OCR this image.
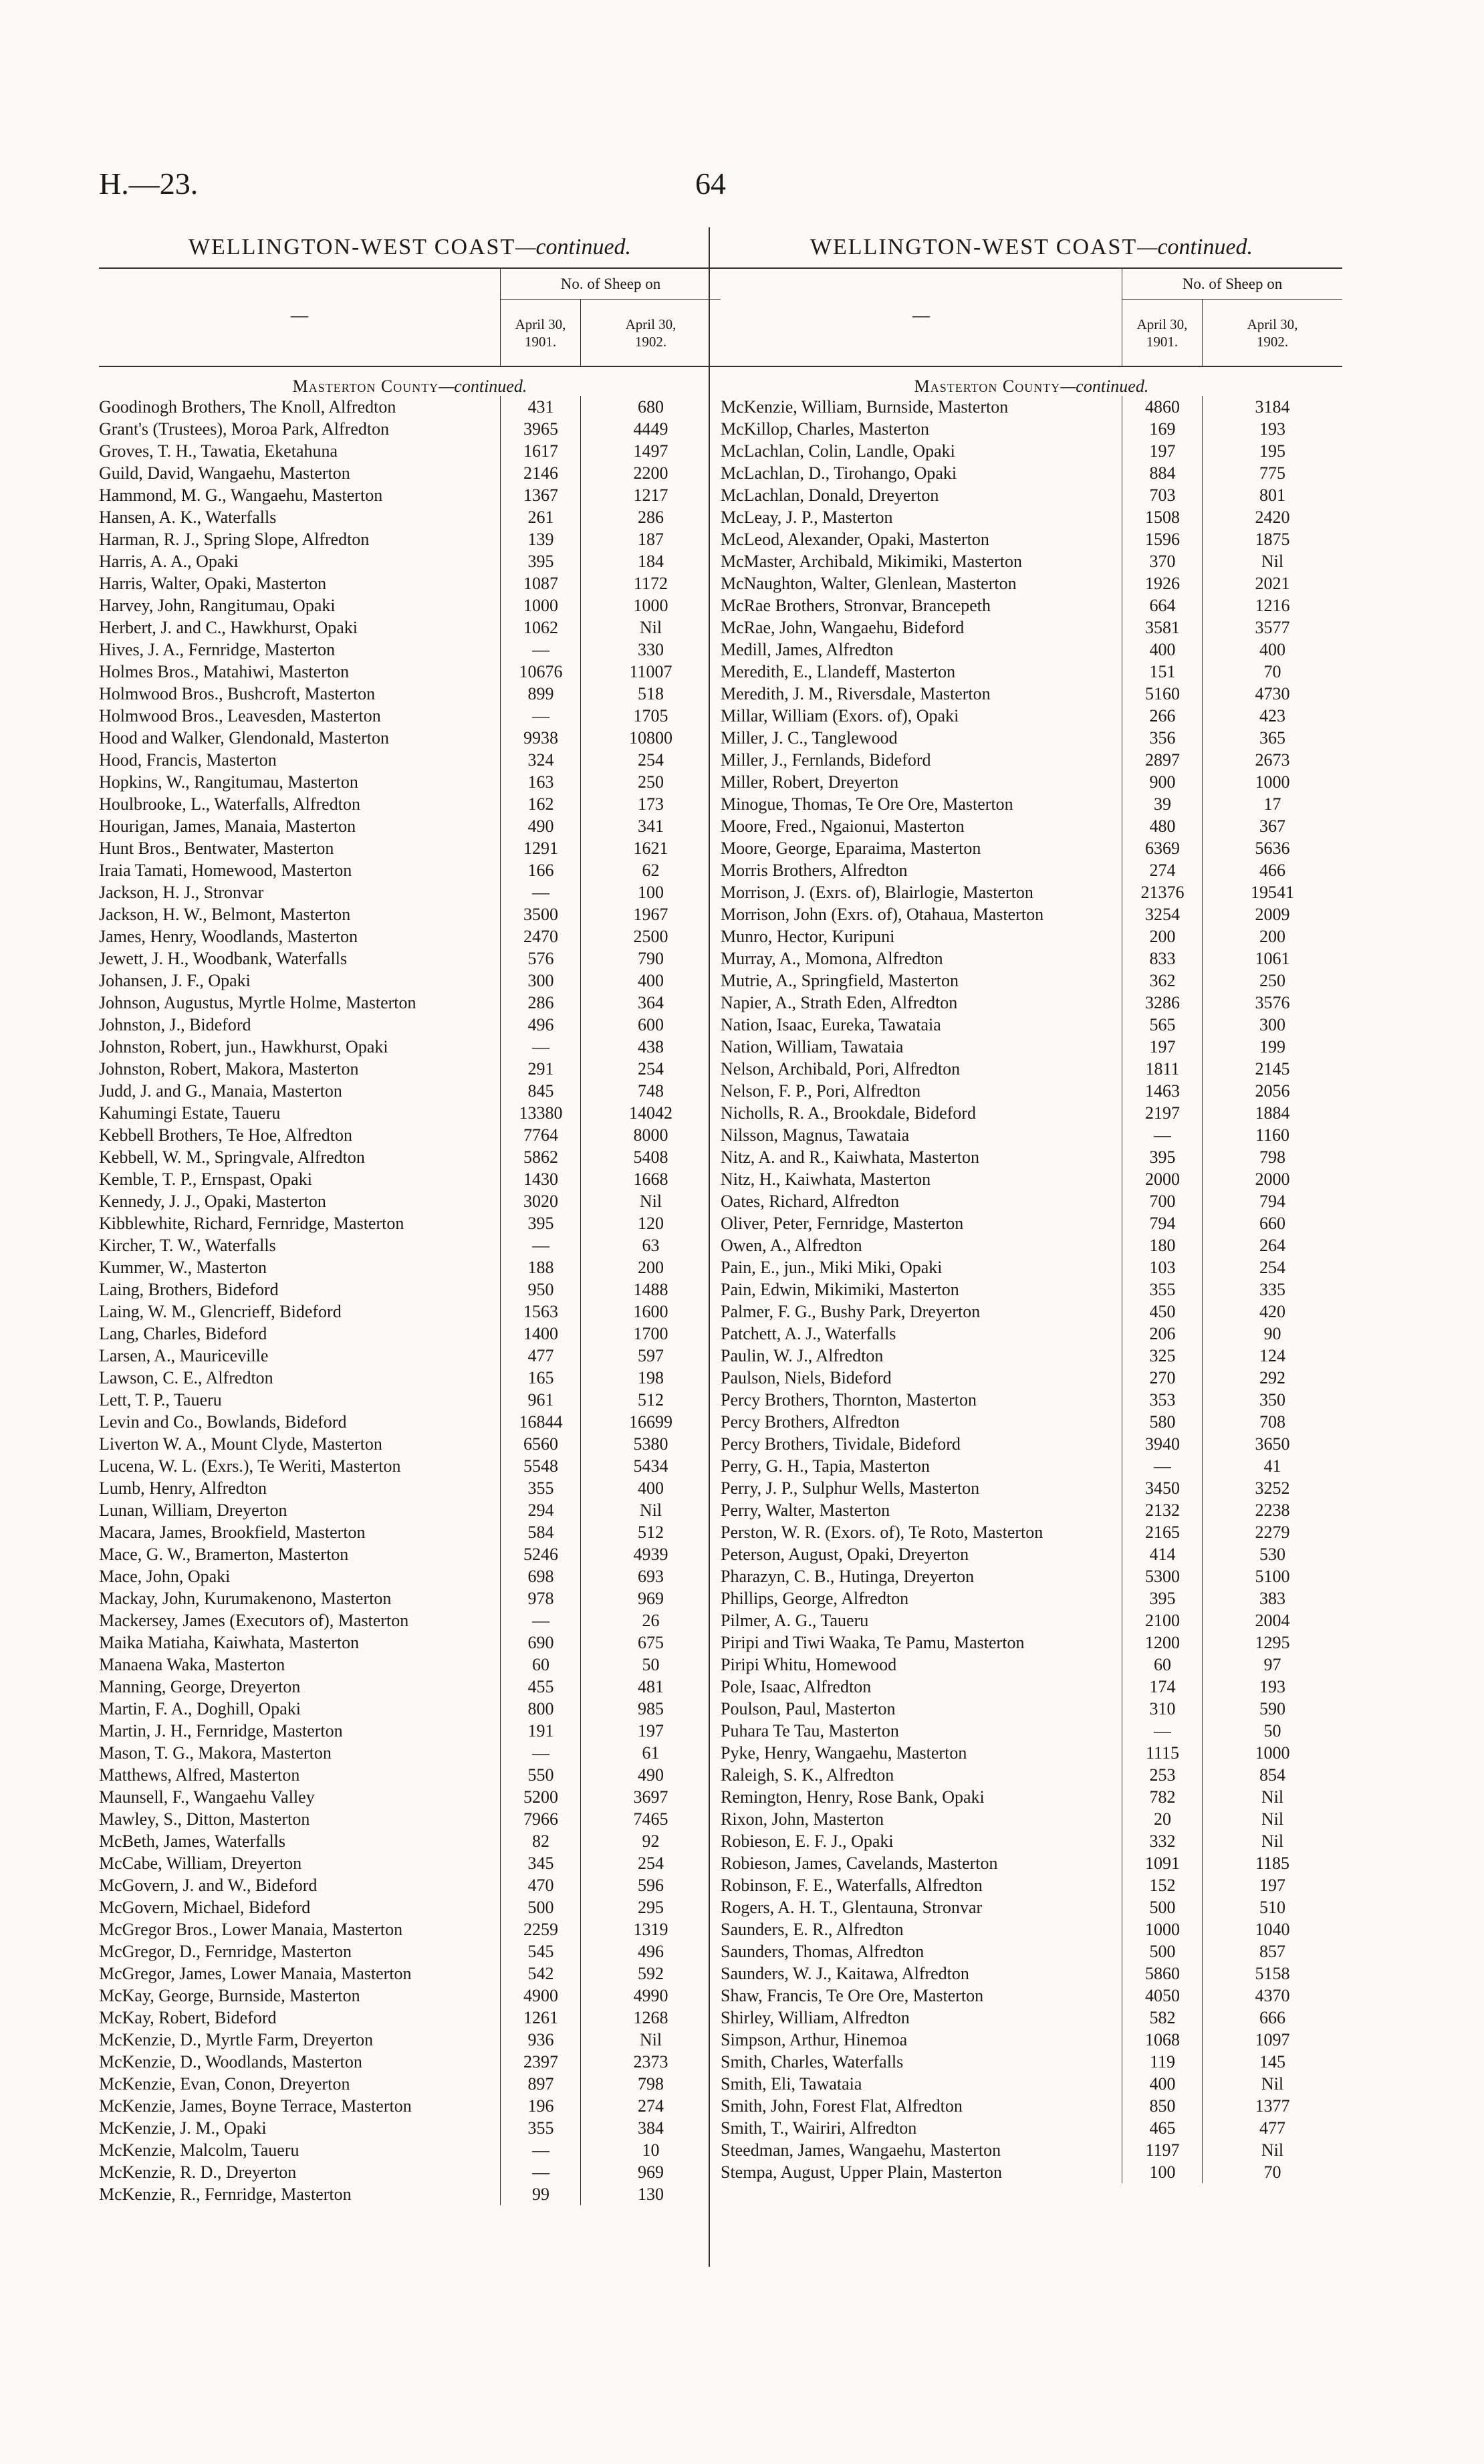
H.—23.	64
WELLINGTON-WEST COAST—continued.
—
No. of Sheep on
April 30,
1901.
April 30,
1902.
Masterton County—continued.
Goodinogh Brothers, The Knoll, Alfredton	431	680
Grant's (Trustees), Moroa Park, Alfredton	3965	4449
Groves, T. H., Tawatia, Eketahuna	1617	1497
Guild, David, Wangaehu, Masterton	2146	2200
Hammond, M. G., Wangaehu, Masterton	1367	1217
Hansen, A. K., Waterfalls	261	286
Harman, R. J., Spring Slope, Alfredton	139	187
Harris, A. A., Opaki	395	184
Harris, Walter, Opaki, Masterton	1087	1172
Harvey, John, Rangitumau, Opaki	1000	1000
Herbert, J. and C., Hawkhurst, Opaki	1062	Nil
Hives, J. A., Fernridge, Masterton	—	330
Holmes Bros., Matahiwi, Masterton	10676	11007
Holmwood Bros., Bushcroft, Masterton	899	518
Holmwood Bros., Leavesden, Masterton	—	1705
Hood and Walker, Glendonald, Masterton	9938	10800
Hood, Francis, Masterton	324	254
Hopkins, W., Rangitumau, Masterton	163	250
Houlbrooke, L., Waterfalls, Alfredton	162	173
Hourigan, James, Manaia, Masterton	490	341
Hunt Bros., Bentwater, Masterton	1291	1621
Iraia Tamati, Homewood, Masterton	166	62
Jackson, H. J., Stronvar	—	100
Jackson, H. W., Belmont, Masterton	3500	1967
James, Henry, Woodlands, Masterton	2470	2500
Jewett, J. H., Woodbank, Waterfalls	576	790
Johansen, J. F., Opaki	300	400
Johnson, Augustus, Myrtle Holme, Masterton	286	364
Johnston, J., Bideford	496	600
Johnston, Robert, jun., Hawkhurst, Opaki	—	438
Johnston, Robert, Makora, Masterton	291	254
Judd, J. and G., Manaia, Masterton	845	748
Kahumingi Estate, Taueru	13380	14042
Kebbell Brothers, Te Hoe, Alfredton	7764	8000
Kebbell, W. M., Springvale, Alfredton	5862	5408
Kemble, T. P., Ernspast, Opaki	1430	1668
Kennedy, J. J., Opaki, Masterton	3020	Nil
Kibblewhite, Richard, Fernridge, Masterton	395	120
Kircher, T. W., Waterfalls	—	63
Kummer, W., Masterton	188	200
Laing, Brothers, Bideford	950	1488
Laing, W. M., Glencrieff, Bideford	1563	1600
Lang, Charles, Bideford	1400	1700
Larsen, A., Mauriceville	477	597
Lawson, C. E., Alfredton	165	198
Lett, T. P., Taueru	961	512
Levin and Co., Bowlands, Bideford	16844	16699
Liverton W. A., Mount Clyde, Masterton	6560	5380
Lucena, W. L. (Exrs.), Te Weriti, Masterton	5548	5434
Lumb, Henry, Alfredton	355	400
Lunan, William, Dreyerton	294	Nil
Macara, James, Brookfield, Masterton	584	512
Mace, G. W., Bramerton, Masterton	5246	4939
Mace, John, Opaki	698	693
Mackay, John, Kurumakenono, Masterton	978	969
Mackersey, James (Executors of), Masterton	—	26
Maika Matiaha, Kaiwhata, Masterton	690	675
Manaena Waka, Masterton	60	50
Manning, George, Dreyerton	455	481
Martin, F. A., Doghill, Opaki	800	985
Martin, J. H., Fernridge, Masterton	191	197
Mason, T. G., Makora, Masterton	—	61
Matthews, Alfred, Masterton	550	490
Maunsell, F., Wangaehu Valley	5200	3697
Mawley, S., Ditton, Masterton	7966	7465
McBeth, James, Waterfalls	82	92
McCabe, William, Dreyerton	345	254
McGovern, J. and W., Bideford	470	596
McGovern, Michael, Bideford	500	295
McGregor Bros., Lower Manaia, Masterton	2259	1319
McGregor, D., Fernridge, Masterton	545	496
McGregor, James, Lower Manaia, Masterton	542	592
McKay, George, Burnside, Masterton	4900	4990
McKay, Robert, Bideford	1261	1268
McKenzie, D., Myrtle Farm, Dreyerton	936	Nil
McKenzie, D., Woodlands, Masterton	2397	2373
McKenzie, Evan, Conon, Dreyerton	897	798
McKenzie, James, Boyne Terrace, Masterton	196	274
McKenzie, J. M., Opaki	355	384
McKenzie, Malcolm, Taueru	—	10
McKenzie, R. D., Dreyerton	—	969
McKenzie, R., Fernridge, Masterton	99	130
WELLINGTON-WEST COAST—continued.
—
No. of Sheep on
April 30,
1901.
April 30,
1902.
Masterton County—continued.
McKenzie, William, Burnside, Masterton	4860	3184
McKillop, Charles, Masterton	169	193
McLachlan, Colin, Landle, Opaki	197	195
McLachlan, D., Tirohango, Opaki	884	775
McLachlan, Donald, Dreyerton	703	801
McLeay, J. P., Masterton	1508	2420
McLeod, Alexander, Opaki, Masterton	1596	1875
McMaster, Archibald, Mikimiki, Masterton	370	Nil
McNaughton, Walter, Glenlean, Masterton	1926	2021
McRae Brothers, Stronvar, Brancepeth	664	1216
McRae, John, Wangaehu, Bideford	3581	3577
Medill, James, Alfredton	400	400
Meredith, E., Llandeff, Masterton	151	70
Meredith, J. M., Riversdale, Masterton	5160	4730
Millar, William (Exors. of), Opaki	266	423
Miller, J. C., Tanglewood	356	365
Miller, J., Fernlands, Bideford	2897	2673
Miller, Robert, Dreyerton	900	1000
Minogue, Thomas, Te Ore Ore, Masterton	39	17
Moore, Fred., Ngaionui, Masterton	480	367
Moore, George, Eparaima, Masterton	6369	5636
Morris Brothers, Alfredton	274	466
Morrison, J. (Exrs. of), Blairlogie, Masterton	21376	19541
Morrison, John (Exrs. of), Otahaua, Masterton	3254	2009
Munro, Hector, Kuripuni	200	200
Murray, A., Momona, Alfredton	833	1061
Mutrie, A., Springfield, Masterton	362	250
Napier, A., Strath Eden, Alfredton	3286	3576
Nation, Isaac, Eureka, Tawataia	565	300
Nation, William, Tawataia	197	199
Nelson, Archibald, Pori, Alfredton	1811	2145
Nelson, F. P., Pori, Alfredton	1463	2056
Nicholls, R. A., Brookdale, Bideford	2197	1884
Nilsson, Magnus, Tawataia	—	1160
Nitz, A. and R., Kaiwhata, Masterton	395	798
Nitz, H., Kaiwhata, Masterton	2000	2000
Oates, Richard, Alfredton	700	794
Oliver, Peter, Fernridge, Masterton	794	660
Owen, A., Alfredton	180	264
Pain, E., jun., Miki Miki, Opaki	103	254
Pain, Edwin, Mikimiki, Masterton	355	335
Palmer, F. G., Bushy Park, Dreyerton	450	420
Patchett, A. J., Waterfalls	206	90
Paulin, W. J., Alfredton	325	124
Paulson, Niels, Bideford	270	292
Percy Brothers, Thornton, Masterton	353	350
Percy Brothers, Alfredton	580	708
Percy Brothers, Tividale, Bideford	3940	3650
Perry, G. H., Tapia, Masterton	—	41
Perry, J. P., Sulphur Wells, Masterton	3450	3252
Perry, Walter, Masterton	2132	2238
Perston, W. R. (Exors. of), Te Roto, Masterton	2165	2279
Peterson, August, Opaki, Dreyerton	414	530
Pharazyn, C. B., Hutinga, Dreyerton	5300	5100
Phillips, George, Alfredton	395	383
Pilmer, A. G., Taueru	2100	2004
Piripi and Tiwi Waaka, Te Pamu, Masterton	1200	1295
Piripi Whitu, Homewood	60	97
Pole, Isaac, Alfredton	174	193
Poulson, Paul, Masterton	310	590
Puhara Te Tau, Masterton	—	50
Pyke, Henry, Wangaehu, Masterton	1115	1000
Raleigh, S. K., Alfredton	253	854
Remington, Henry, Rose Bank, Opaki	782	Nil
Rixon, John, Masterton	20	Nil
Robieson, E. F. J., Opaki	332	Nil
Robieson, James, Cavelands, Masterton	1091	1185
Robinson, F. E., Waterfalls, Alfredton	152	197
Rogers, A. H. T., Glentauna, Stronvar	500	510
Saunders, E. R., Alfredton	1000	1040
Saunders, Thomas, Alfredton	500	857
Saunders, W. J., Kaitawa, Alfredton	5860	5158
Shaw, Francis, Te Ore Ore, Masterton	4050	4370
Shirley, William, Alfredton	582	666
Simpson, Arthur, Hinemoa	1068	1097
Smith, Charles, Waterfalls	119	145
Smith, Eli, Tawataia	400	Nil
Smith, John, Forest Flat, Alfredton	850	1377
Smith, T., Wairiri, Alfredton	465	477
Steedman, James, Wangaehu, Masterton	1197	Nil
Stempa, August, Upper Plain, Masterton	100	70
